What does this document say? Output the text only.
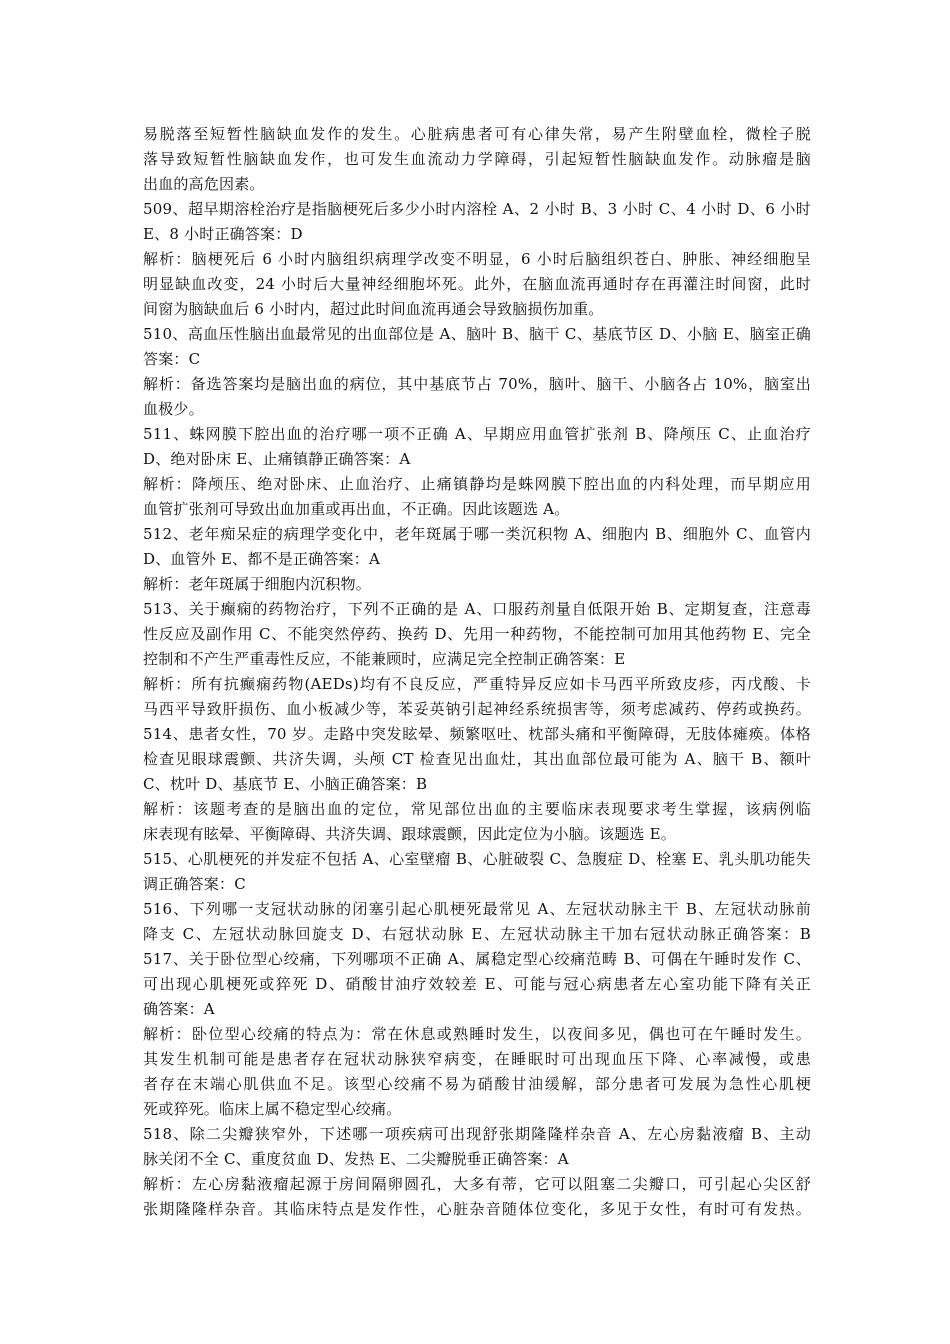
易脱落至短暂性脑缺血发作的发生。心脏病患者可有心律失常，易产生附壁血栓，微栓子脱
落导致短暂性脑缺血发作，也可发生血流动力学障碍，引起短暂性脑缺血发作。动脉瘤是脑
出血的高危因素。
509、超早期溶栓治疗是指脑梗死后多少小时内溶栓 A、2 小时 B、3 小时 C、4 小时 D、6 小时
E、8 小时正确答案：D
解析：脑梗死后 6 小时内脑组织病理学改变不明显，6 小时后脑组织苍白、肿胀、神经细胞呈
明显缺血改变，24 小时后大量神经细胞坏死。此外，在脑血流再通时存在再灌注时间窗，此时
间窗为脑缺血后 6 小时内，超过此时间血流再通会导致脑损伤加重。
510、高血压性脑出血最常见的出血部位是 A、脑叶 B、脑干 C、基底节区 D、小脑 E、脑室正确
答案：C
解析：备选答案均是脑出血的病位，其中基底节占 70%，脑叶、脑干、小脑各占 10%，脑室出
血极少。
511、蛛网膜下腔出血的治疗哪一项不正确 A、早期应用血管扩张剂 B、降颅压 C、止血治疗
D、绝对卧床 E、止痛镇静正确答案：A
解析：降颅压、绝对卧床、止血治疗、止痛镇静均是蛛网膜下腔出血的内科处理，而早期应用
血管扩张剂可导致出血加重或再出血，不正确。因此该题选 A。
512、老年痴呆症的病理学变化中，老年斑属于哪一类沉积物 A、细胞内 B、细胞外 C、血管内
D、血管外 E、都不是正确答案：A
解析：老年斑属于细胞内沉积物。
513、关于癫痫的药物治疗，下列不正确的是 A、口服药剂量自低限开始 B、定期复查，注意毒
性反应及副作用 C、不能突然停药、换药 D、先用一种药物，不能控制可加用其他药物 E、完全
控制和不产生严重毒性反应，不能兼顾时，应满足完全控制正确答案：E
解析：所有抗癫痫药物(AEDs)均有不良反应，严重特异反应如卡马西平所致皮疹，丙戊酸、卡
马西平导致肝损伤、血小板减少等，苯妥英钠引起神经系统损害等，须考虑减药、停药或换药。
514、患者女性，70 岁。走路中突发眩晕、频繁呕吐、枕部头痛和平衡障碍，无肢体瘫痪。体格
检查见眼球震颤、共济失调，头颅 CT 检查见出血灶，其出血部位最可能为 A、脑干 B、额叶
C、枕叶 D、基底节 E、小脑正确答案：B
解析：该题考查的是脑出血的定位，常见部位出血的主要临床表现要求考生掌握，该病例临
床表现有眩晕、平衡障碍、共济失调、跟球震颤，因此定位为小脑。该题选 E。
515、心肌梗死的并发症不包括 A、心室壁瘤 B、心脏破裂 C、急腹症 D、栓塞 E、乳头肌功能失
调正确答案：C
516、下列哪一支冠状动脉的闭塞引起心肌梗死最常见 A、左冠状动脉主干 B、左冠状动脉前
降支 C、左冠状动脉回旋支 D、右冠状动脉 E、左冠状动脉主干加右冠状动脉正确答案：B
517、关于卧位型心绞痛，下列哪项不正确 A、属稳定型心绞痛范畴 B、可偶在午睡时发作 C、
可出现心肌梗死或猝死 D、硝酸甘油疗效较差 E、可能与冠心病患者左心室功能下降有关正
确答案：A
解析：卧位型心绞痛的特点为：常在休息或熟睡时发生，以夜间多见，偶也可在午睡时发生。
其发生机制可能是患者存在冠状动脉狭窄病变，在睡眠时可出现血压下降、心率减慢，或患
者存在末端心肌供血不足。该型心绞痛不易为硝酸甘油缓解，部分患者可发展为急性心肌梗
死或猝死。临床上属不稳定型心绞痛。
518、除二尖瓣狭窄外，下述哪一项疾病可出现舒张期隆隆样杂音 A、左心房黏液瘤 B、主动
脉关闭不全 C、重度贫血 D、发热 E、二尖瓣脱垂正确答案：A
解析：左心房黏液瘤起源于房间隔卵圆孔，大多有蒂，它可以阻塞二尖瓣口，可引起心尖区舒
张期隆隆样杂音。其临床特点是发作性，心脏杂音随体位变化，多见于女性，有时可有发热。
